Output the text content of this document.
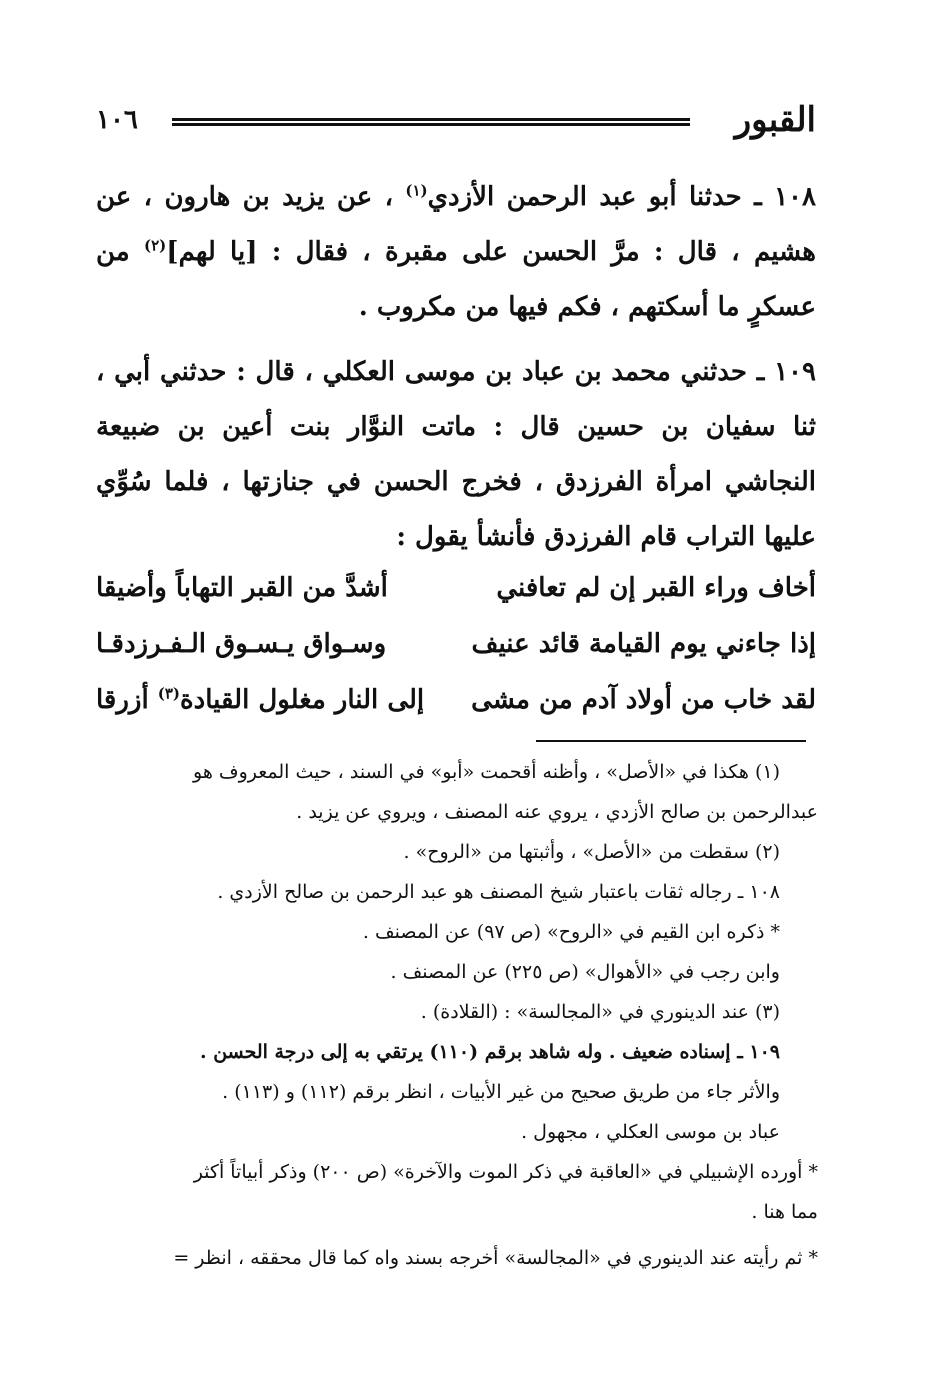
القبور
١٠٦

١٠٨ ـ حدثنا أبو عبد الرحمن الأزدي$^{(١)}$ ، عن يزيد بن هارون ، عن هشيم ، قال : مرَّ الحسن على مقبرة ، فقال : [يا لهم]$^{(٢)}$ من عسكرٍ ما أسكتهم ، فكم فيها من مكروب .

١٠٩ ـ حدثني محمد بن عباد بن موسى العكلي ، قال : حدثني أبي ، ثنا سفيان بن حسين قال : ماتت النوَّار بنت أعين بن ضبيعة النجاشي امرأة الفرزدق ، فخرج الحسن في جنازتها ، فلما سُوِّي عليها التراب قام الفرزدق فأنشأ يقول :

أخاف وراء القبر إن لم تعافني
أشدَّ من القبر التهاباً وأضيقا
إذا جاءني يوم القيامة قائد عنيف
وسـواق يـسـوق الـفـرزدقـا
لقد خاب من أولاد آدم من مشى
إلى النار مغلول القيادة$^{(٣)}$ أزرقا

(١) هكذا في «الأصل» ، وأظنه أقحمت «أبو» في السند ، حيث المعروف هو

عبدالرحمن بن صالح الأزدي ، يروي عنه المصنف ، ويروي عن يزيد .

(٢) سقطت من «الأصل» ، وأثبتها من «الروح» .

١٠٨ ـ رجاله ثقات باعتبار شيخ المصنف هو عبد الرحمن بن صالح الأزدي .

* ذكره ابن القيم في «الروح» (ص ٩٧) عن المصنف .

وابن رجب في «الأهوال» (ص ٢٢٥) عن المصنف .

(٣) عند الدينوري في «المجالسة» : (القلادة) .

١٠٩ ـ إسناده ضعيف . وله شاهد برقم (١١٠) يرتقي به إلى درجة الحسن .

والأثر جاء من طريق صحيح من غير الأبيات ، انظر برقم (١١٢) و (١١٣) .

عباد بن موسى العكلي ، مجهول .

* أورده الإشبيلي في «العاقبة في ذكر الموت والآخرة» (ص ٢٠٠) وذكر أبياتاً أكثر

مما هنا .

* ثم رأيته عند الدينوري في «المجالسة» أخرجه بسند واه كما قال محققه ، انظر =
